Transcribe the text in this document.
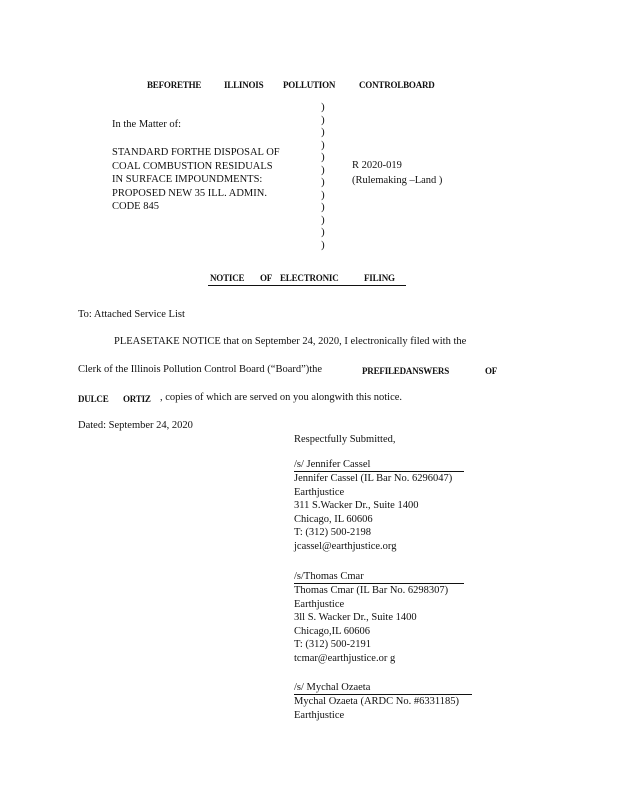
BEFORETHE	ILLINOIS POLLUTION	CONTROLBOARD
In the Matter of:
STANDARD FORTHE DISPOSAL OF
COAL COMBUSTION RESIDUALS
IN SURFACE IMPOUNDMENTS:
PROPOSED NEW 35 ILL. ADMIN.
CODE 845
)
)
)
)
)
)
)
)
)
)
)
)
R 2020-019
(Rulemaking –Land )
NOTICE OF ELECTRONIC	FILING
To: Attached Service List
PLEASETAKE NOTICE that on September 24, 2020, I electronically filed with the
Clerk of the Illinois Pollution Control Board (“Board”)the	PREFILEDANSWERS	OF
DULCE ORTIZ , copies of which are served on you alongwith this notice.
Dated: September 24, 2020
Respectfully Submitted,
/s/ Jennifer Cassel
Jennifer Cassel (IL Bar No. 6296047)
Earthjustice
311 S.Wacker Dr., Suite 1400
Chicago, IL 60606
T: (312) 500-2198
jcassel@earthjustice.org
/s/Thomas Cmar
Thomas Cmar (IL Bar No. 6298307)
Earthjustice
3ll S. Wacker Dr., Suite 1400
Chicago,IL 60606
T: (312) 500-2191
tcmar@earthjustice.or g
/s/ Mychal Ozaeta
Mychal Ozaeta (ARDC No. #6331185)
Earthjustice
